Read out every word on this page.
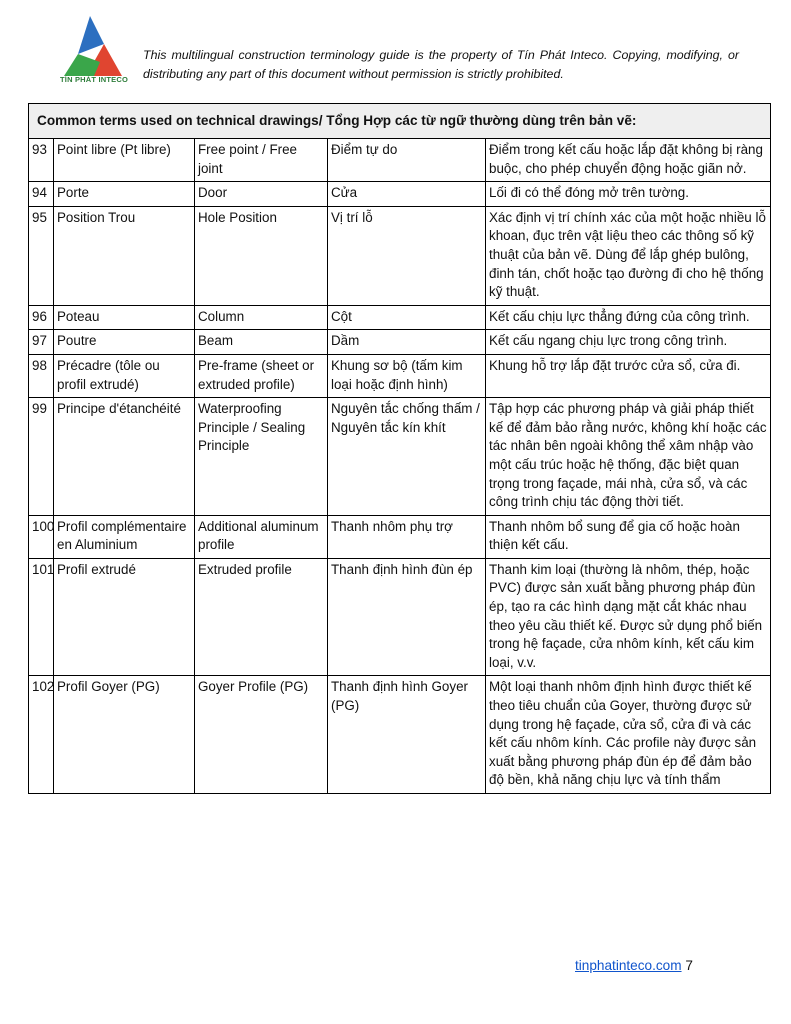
TÍN PHÁT INTECO
This multilingual construction terminology guide is the property of Tín Phát Inteco. Copying, modifying, or distributing any part of this document without permission is strictly prohibited.
Common terms used on technical drawings/ Tổng Hợp các từ ngữ thường dùng trên bản vẽ:				
93	Point libre (Pt libre)	Free point / Free joint	Điểm tự do	Điểm trong kết cấu hoặc lắp đặt không bị ràng buộc, cho phép chuyển động hoặc giãn nở.
94	Porte	Door	Cửa	Lối đi có thể đóng mở trên tường.
95	Position Trou	Hole Position	Vị trí lỗ	Xác định vị trí chính xác của một hoặc nhiều lỗ khoan, đục trên vật liệu theo các thông số kỹ thuật của bản vẽ. Dùng để lắp ghép bulông, đinh tán, chốt hoặc tạo đường đi cho hệ thống kỹ thuật.
96	Poteau	Column	Cột	Kết cấu chịu lực thẳng đứng của công trình.
97	Poutre	Beam	Dầm	Kết cấu ngang chịu lực trong công trình.
98	Précadre (tôle ou profil extrudé)	Pre-frame (sheet or extruded profile)	Khung sơ bộ (tấm kim loại hoặc định hình)	Khung hỗ trợ lắp đặt trước cửa sổ, cửa đi.
99	Principe d'étanchéité	Waterproofing Principle / Sealing Principle	Nguyên tắc chống thấm / Nguyên tắc kín khít	Tập hợp các phương pháp và giải pháp thiết kế để đảm bảo rằng nước, không khí hoặc các tác nhân bên ngoài không thể xâm nhập vào một cấu trúc hoặc hệ thống, đặc biệt quan trọng trong façade, mái nhà, cửa sổ, và các công trình chịu tác động thời tiết.
100	Profil complémentaire en Aluminium	Additional aluminum profile	Thanh nhôm phụ trợ	Thanh nhôm bổ sung để gia cố hoặc hoàn thiện kết cấu.
101	Profil extrudé	Extruded profile	Thanh định hình đùn ép	Thanh kim loại (thường là nhôm, thép, hoặc PVC) được sản xuất bằng phương pháp đùn ép, tạo ra các hình dạng mặt cắt khác nhau theo yêu cầu thiết kế. Được sử dụng phổ biến trong hệ façade, cửa nhôm kính, kết cấu kim loại, v.v.
102	Profil Goyer (PG)	Goyer Profile (PG)	Thanh định hình Goyer (PG)	Một loại thanh nhôm định hình được thiết kế theo tiêu chuẩn của Goyer, thường được sử dụng trong hệ façade, cửa sổ, cửa đi và các kết cấu nhôm kính. Các profile này được sản xuất bằng phương pháp đùn ép để đảm bảo độ bền, khả năng chịu lực và tính thẩm
tinphatinteco.com 7
